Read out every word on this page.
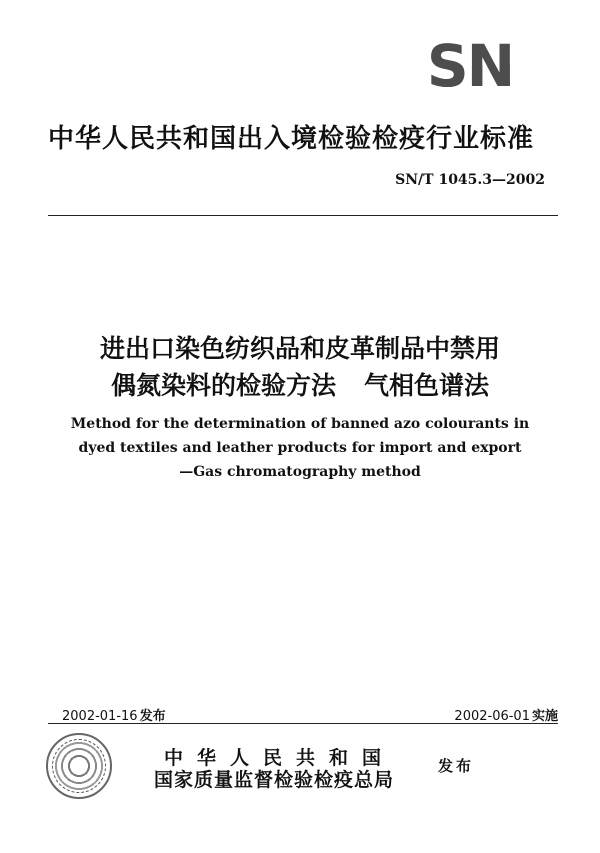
SN
中华人民共和国出入境检验检疫行业标准
SN/T 1045.3—2002
进出口染色纺织品和皮革制品中禁用
偶氮染料的检验方法 气相色谱法
Method for the determination of banned azo colourants in
dyed textiles and leather products for import and export
—Gas chromatography method
2002-01-16 发布	2002-06-01 实施
中华人民共和国
国家质量监督检验检疫总局
发布
